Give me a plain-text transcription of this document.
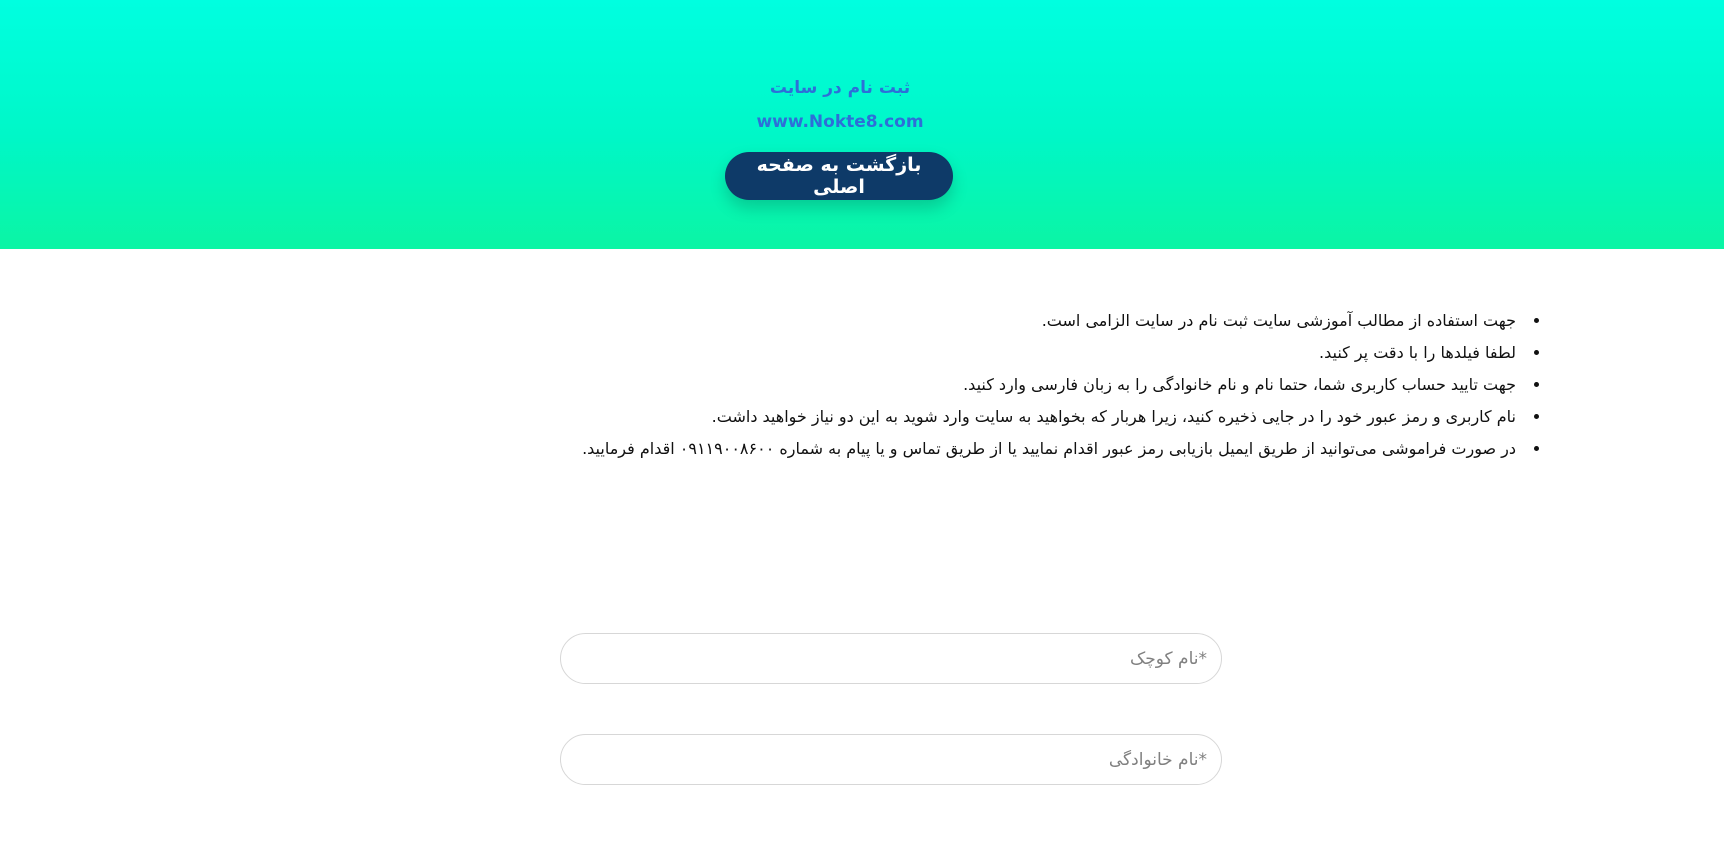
ثبت نام در سایت
www.Nokte8.com
بازگشت به صفحه اصلی
• جهت استفاده از مطالب آموزشی سایت ثبت نام در سایت الزامی است.
• لطفا فیلدها را با دقت پر کنید.
• جهت تایید حساب کاربری شما، حتما نام و نام خانوادگی را به زبان فارسی وارد کنید.
• نام کاربری و رمز عبور خود را در جایی ذخیره کنید، زیرا هربار که بخواهید به سایت وارد شوید به این دو نیاز خواهید داشت.
• در صورت فراموشی می‌توانید از طریق ایمیل بازیابی رمز عبور اقدام نمایید یا از طریق تماس و یا پیام به شماره ۰۹۱۱۹۰۰۸۶۰۰ اقدام فرمایید.
*نام کوچک
*نام خانوادگی
